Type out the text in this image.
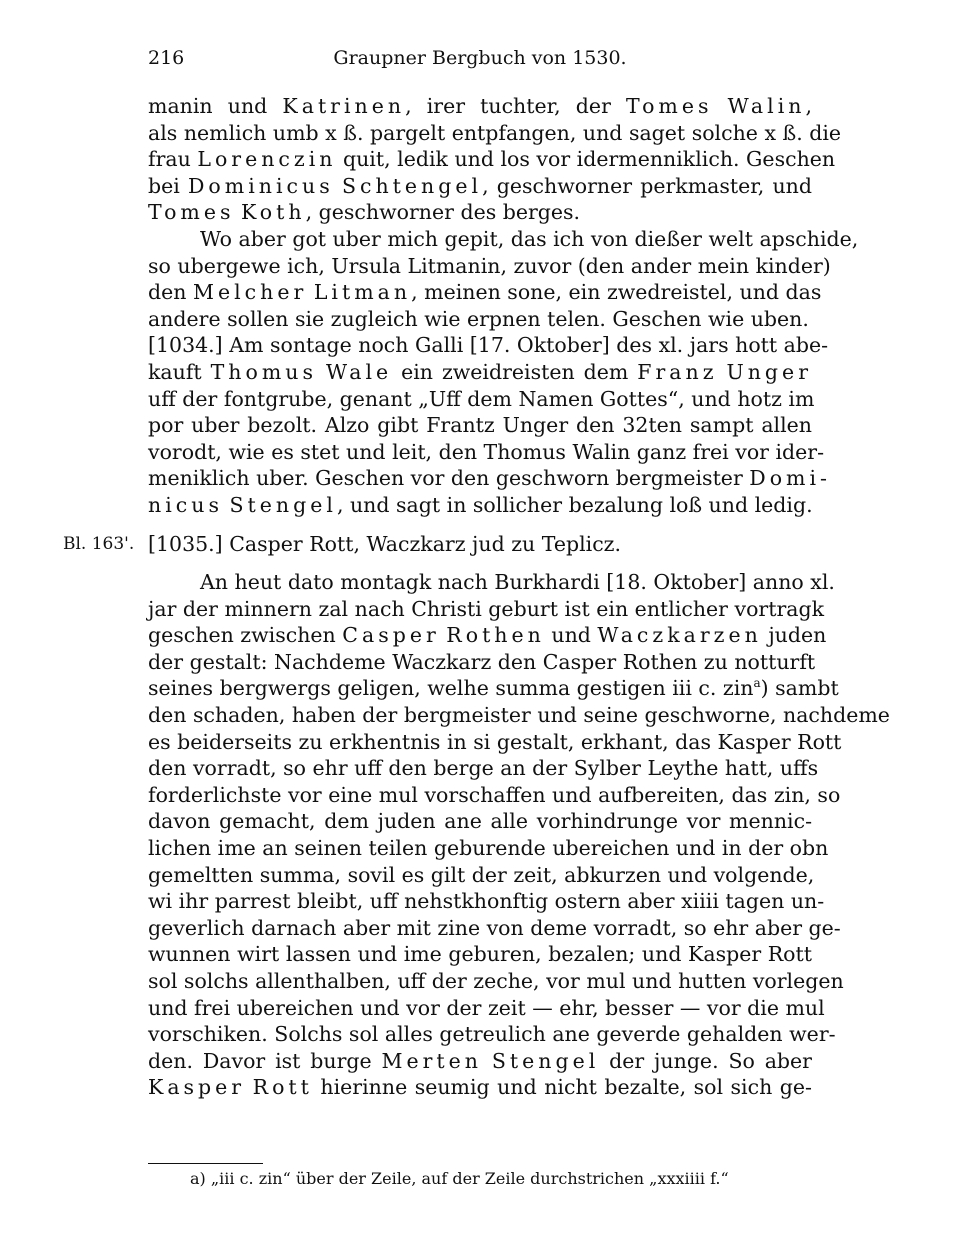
216	Graupner Bergbuch von 1530.
manin und Katrinen, irer tuchter, der Tomes Walin,
als nemlich umb x ß. pargelt entpfangen, und saget solche x ß. die
frau Lorenczin quit, ledik und los vor idermenniklich. Geschen
bei Dominicus Schtengel, geschworner perkmaster, und
Tomes Koth, geschworner des berges.
Wo aber got uber mich gepit, das ich von dießer welt apschide,
so ubergewe ich, Ursula Litmanin, zuvor (den ander mein kinder)
den Melcher Litman, meinen sone, ein zwedreistel, und das
andere sollen sie zugleich wie erpnen telen. Geschen wie uben.
[1034.] Am sontage noch Galli [17. Oktober] des xl. jars hott abe-
kauft Thomus Wale ein zweidreisten dem Franz Unger
uff der fontgrube, genant „Uff dem Namen Gottes“, und hotz im
por uber bezolt. Alzo gibt Frantz Unger den 32ten sampt allen
vorodt, wie es stet und leit, den Thomus Walin ganz frei vor ider-
meniklich uber. Geschen vor den geschworn bergmeister Domi-
nicus Stengel, und sagt in sollicher bezalung loß und ledig.
Bl. 163'. [1035.] Casper Rott, Waczkarz jud zu Teplicz.
An heut dato montagk nach Burkhardi [18. Oktober] anno xl.
jar der minnern zal nach Christi geburt ist ein entlicher vortragk
geschen zwischen Casper Rothen und Waczkarzen juden
der gestalt: Nachdeme Waczkarz den Casper Rothen zu notturft
seines bergwergs geligen, welhe summa gestigen iii c. zin$^a$) sambt
den schaden, haben der bergmeister und seine geschworne, nachdeme
es beiderseits zu erkhentnis in si gestalt, erkhant, das Kasper Rott
den vorradt, so ehr uff den berge an der Sylber Leythe hatt, uffs
forderlichste vor eine mul vorschaffen und aufbereiten, das zin, so
davon gemacht, dem juden ane alle vorhindrunge vor mennic-
lichen ime an seinen teilen geburende ubereichen und in der obn
gemeltten summa, sovil es gilt der zeit, abkurzen und volgende,
wi ihr parrest bleibt, uff nehstkhonftig ostern aber xiiii tagen un-
geverlich darnach aber mit zine von deme vorradt, so ehr aber ge-
wunnen wirt lassen und ime geburen, bezalen; und Kasper Rott
sol solchs allenthalben, uff der zeche, vor mul und hutten vorlegen
und frei ubereichen und vor der zeit — ehr, besser — vor die mul
vorschiken. Solchs sol alles getreulich ane geverde gehalden wer-
den. Davor ist burge Merten Stengel der junge. So aber
Kasper Rott hierinne seumig und nicht bezalte, sol sich ge-
a) „iii c. zin“ über der Zeile, auf der Zeile durchstrichen „xxxiiii f.“
